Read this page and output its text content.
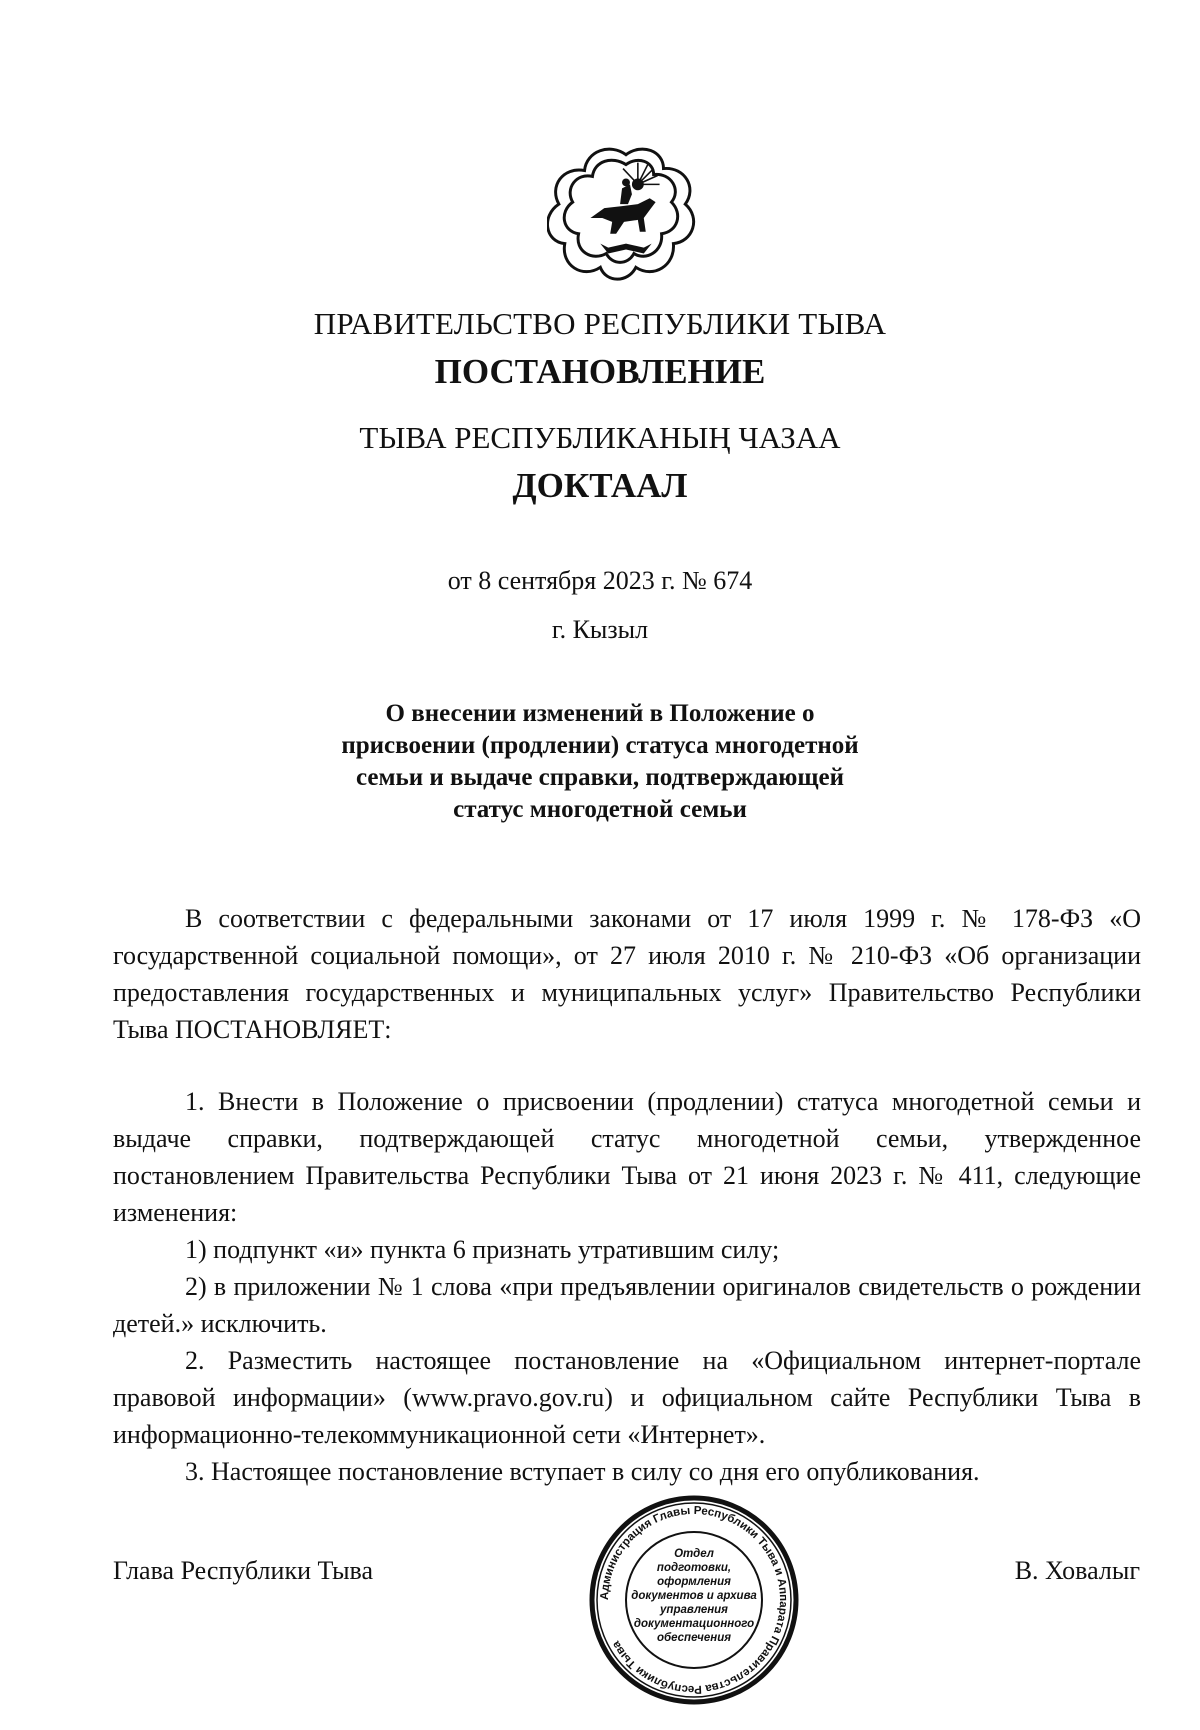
ПРАВИТЕЛЬСТВО РЕСПУБЛИКИ ТЫВА
ПОСТАНОВЛЕНИЕ
ТЫВА РЕСПУБЛИКАНЫҢ ЧАЗАА
ДОКТААЛ
от 8 сентября 2023 г. № 674
г. Кызыл
О внесении изменений в Положение о
присвоении (продлении) статуса многодетной
семьи и выдаче справки, подтверждающей
статус многодетной семьи

В соответствии с федеральными законами от 17 июля 1999 г. № 178-ФЗ «О государственной социальной помощи», от 27 июля 2010 г. № 210-ФЗ «Об организации предоставления государственных и муниципальных услуг» Правительство Республики Тыва ПОСТАНОВЛЯЕТ:

1. Внести в Положение о присвоении (продлении) статуса многодетной семьи и выдаче справки, подтверждающей статус многодетной семьи, утвержденное постановлением Правительства Республики Тыва от 21 июня 2023 г. № 411, следующие изменения:

1) подпункт «и» пункта 6 признать утратившим силу;

2) в приложении № 1 слова «при предъявлении оригиналов свидетельств о рождении детей.» исключить.

2. Разместить настоящее постановление на «Официальном интернет-портале правовой информации» (www.pravo.gov.ru) и официальном сайте Республики Тыва в информационно-телекоммуникационной сети «Интернет».

3. Настоящее постановление вступает в силу со дня его опубликования.

Глава Республики Тыва	В. Ховалыг
Администрация Главы Республики Тыва и Аппарата Правительства Республики Тыва
Отдел
подготовки,
оформления
документов и архива
управления
документационного
обеспечения
